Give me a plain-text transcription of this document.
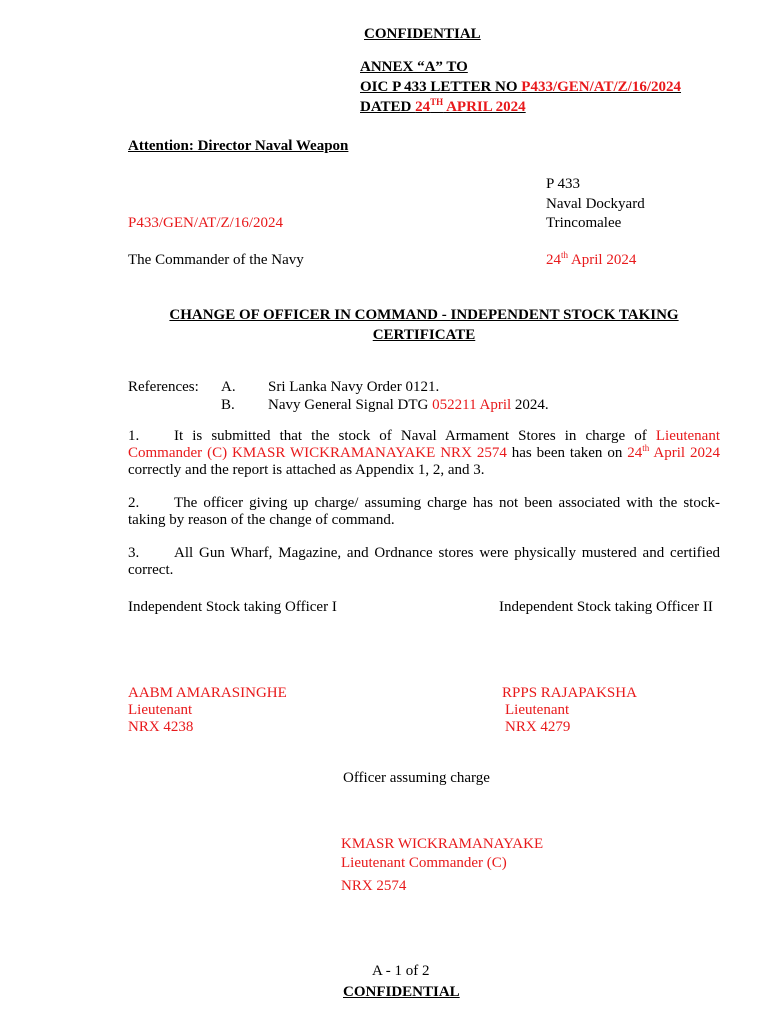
CONFIDENTIAL
ANNEX “A” TO
OIC P 433 LETTER NO P433/GEN/AT/Z/16/2024
DATED 24TH APRIL 2024
Attention: Director Naval Weapon
P 433
Naval Dockyard
Trincomalee
P433/GEN/AT/Z/16/2024
The Commander of the Navy	24th April 2024
CHANGE OF OFFICER IN COMMAND - INDEPENDENT STOCK TAKING
CERTIFICATE
References: A. Sri Lanka Navy Order 0121.
B. Navy General Signal DTG 052211 April 2024.
1. It is submitted that the stock of Naval Armament Stores in charge of Lieutenant Commander (C) KMASR WICKRAMANAYAKE NRX 2574 has been taken on 24th April 2024 correctly and the report is attached as Appendix 1, 2, and 3.
2. The officer giving up charge/ assuming charge has not been associated with the stock-taking by reason of the change of command.
3. All Gun Wharf, Magazine, and Ordnance stores were physically mustered and certified correct.
Independent Stock taking Officer I	Independent Stock taking Officer II
AABM AMARASINGHE
Lieutenant
NRX 4238
RPPS RAJAPAKSHA
Lieutenant
NRX 4279
Officer assuming charge
KMASR WICKRAMANAYAKE
Lieutenant Commander (C)
NRX 2574
A - 1 of 2
CONFIDENTIAL
